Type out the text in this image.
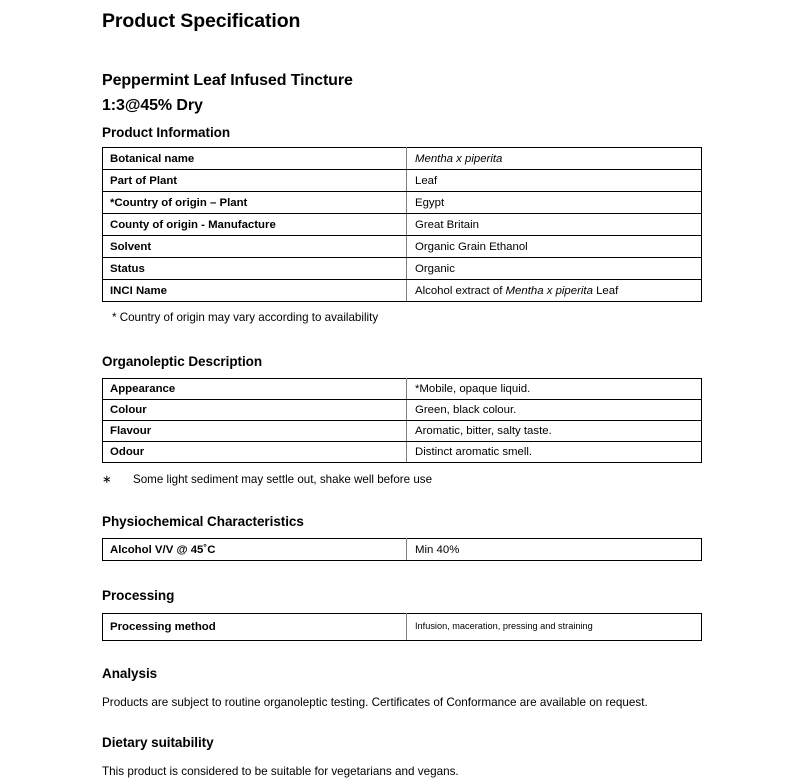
Product Specification
Peppermint Leaf Infused Tincture
1:3@45% Dry
Product Information
Botanical name	Mentha x piperita
Part of Plant	Leaf
*Country of origin – Plant	Egypt
County of origin - Manufacture	Great Britain
Solvent	Organic Grain Ethanol
Status	Organic
INCI Name	Alcohol extract of Mentha x piperita Leaf

* Country of origin may vary according to availability

Organoleptic Description
Appearance	*Mobile, opaque liquid.
Colour	Green, black colour.
Flavour	Aromatic, bitter, salty taste.
Odour	Distinct aromatic smell.
∗	Some light sediment may settle out, shake well before use
Physiochemical Characteristics
Alcohol V/V @ 45˚C	Min 40%
Processing
Processing method	Infusion, maceration, pressing and straining
Analysis

Products are subject to routine organoleptic testing. Certificates of Conformance are available on request.

Dietary suitability

This product is considered to be suitable for vegetarians and vegans.
